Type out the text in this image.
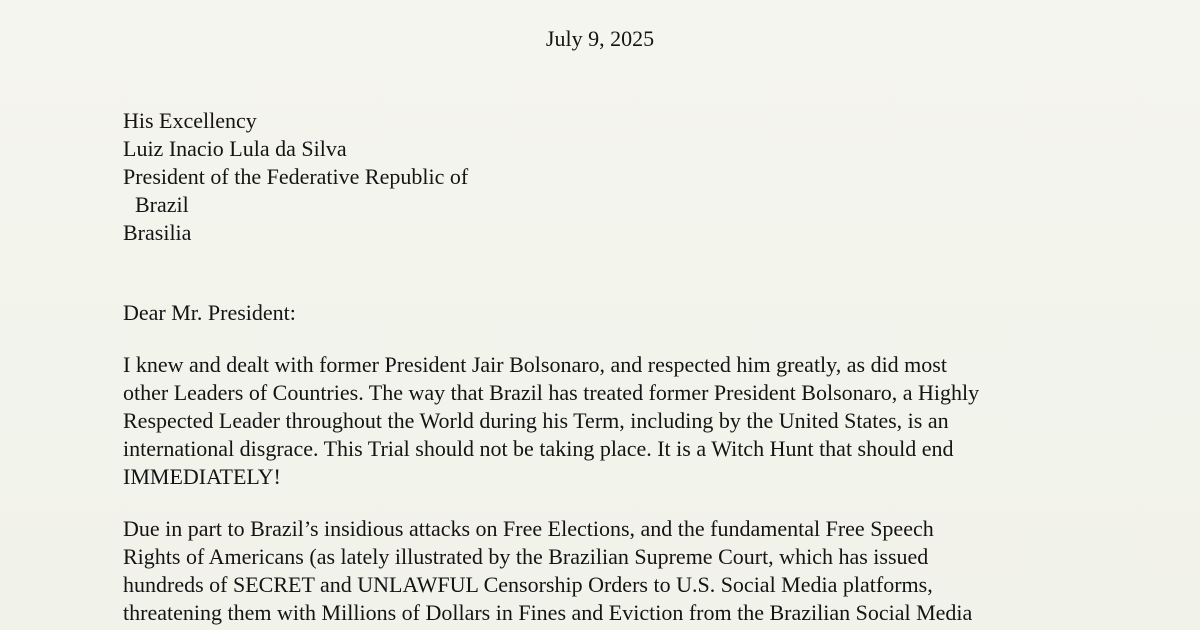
July 9, 2025
His Excellency
Luiz Inacio Lula da Silva
President of the Federative Republic of
Brazil
Brasilia
Dear Mr. President:
I knew and dealt with former President Jair Bolsonaro, and respected him greatly, as did most
other Leaders of Countries. The way that Brazil has treated former President Bolsonaro, a Highly
Respected Leader throughout the World during his Term, including by the United States, is an
international disgrace. This Trial should not be taking place. It is a Witch Hunt that should end
IMMEDIATELY!
Due in part to Brazil’s insidious attacks on Free Elections, and the fundamental Free Speech
Rights of Americans (as lately illustrated by the Brazilian Supreme Court, which has issued
hundreds of SECRET and UNLAWFUL Censorship Orders to U.S. Social Media platforms,
threatening them with Millions of Dollars in Fines and Eviction from the Brazilian Social Media
